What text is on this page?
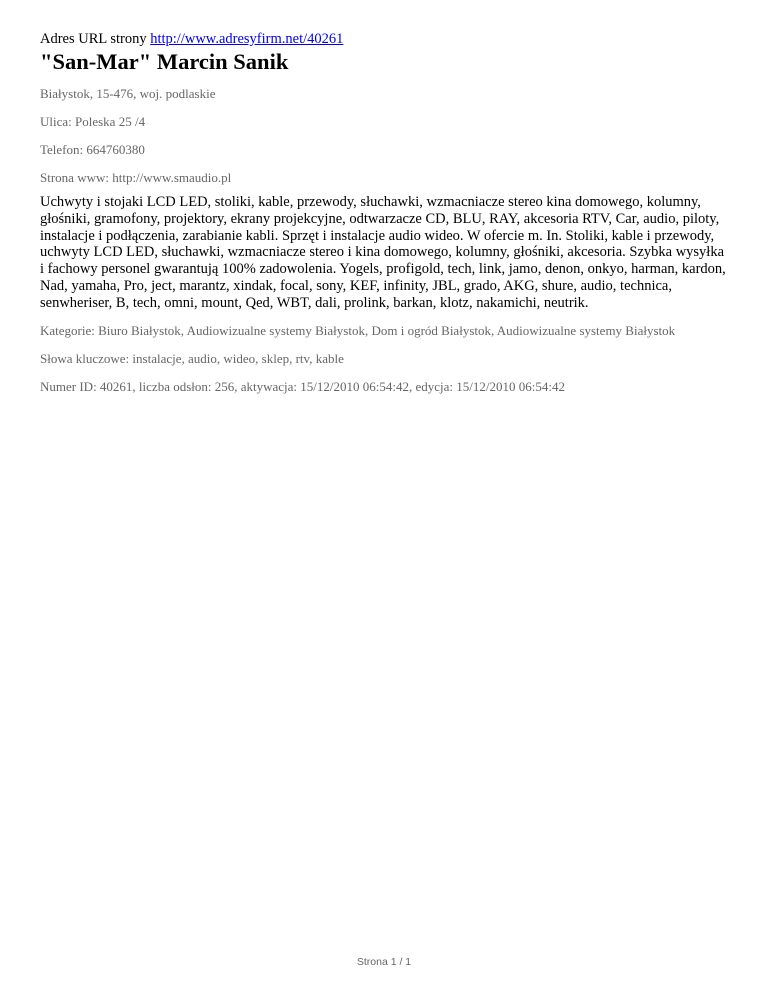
Adres URL strony http://www.adresyfirm.net/40261

"San-Mar" Marcin Sanik

Białystok, 15-476, woj. podlaskie

Ulica: Poleska 25 /4

Telefon: 664760380

Strona www: http://www.smaudio.pl

Uchwyty i stojaki LCD LED, stoliki, kable, przewody, słuchawki, wzmacniacze stereo kina domowego, kolumny, głośniki, gramofony, projektory, ekrany projekcyjne, odtwarzacze CD, BLU, RAY, akcesoria RTV, Car, audio, piloty, instalacje i podłączenia, zarabianie kabli. Sprzęt i instalacje audio wideo. W ofercie m. In. Stoliki, kable i przewody, uchwyty LCD LED, słuchawki, wzmacniacze stereo i kina domowego, kolumny, głośniki, akcesoria. Szybka wysyłka i fachowy personel gwarantują 100% zadowolenia. Yogels, profigold, tech, link, jamo, denon, onkyo, harman, kardon, Nad, yamaha, Pro, ject, marantz, xindak, focal, sony, KEF, infinity, JBL, grado, AKG, shure, audio, technica, senwheriser, B, tech, omni, mount, Qed, WBT, dali, prolink, barkan, klotz, nakamichi, neutrik.

Kategorie: Biuro Białystok, Audiowizualne systemy Białystok, Dom i ogród Białystok, Audiowizualne systemy Białystok

Słowa kluczowe: instalacje, audio, wideo, sklep, rtv, kable

Numer ID: 40261, liczba odsłon: 256, aktywacja: 15/12/2010 06:54:42, edycja: 15/12/2010 06:54:42

Strona 1 / 1
